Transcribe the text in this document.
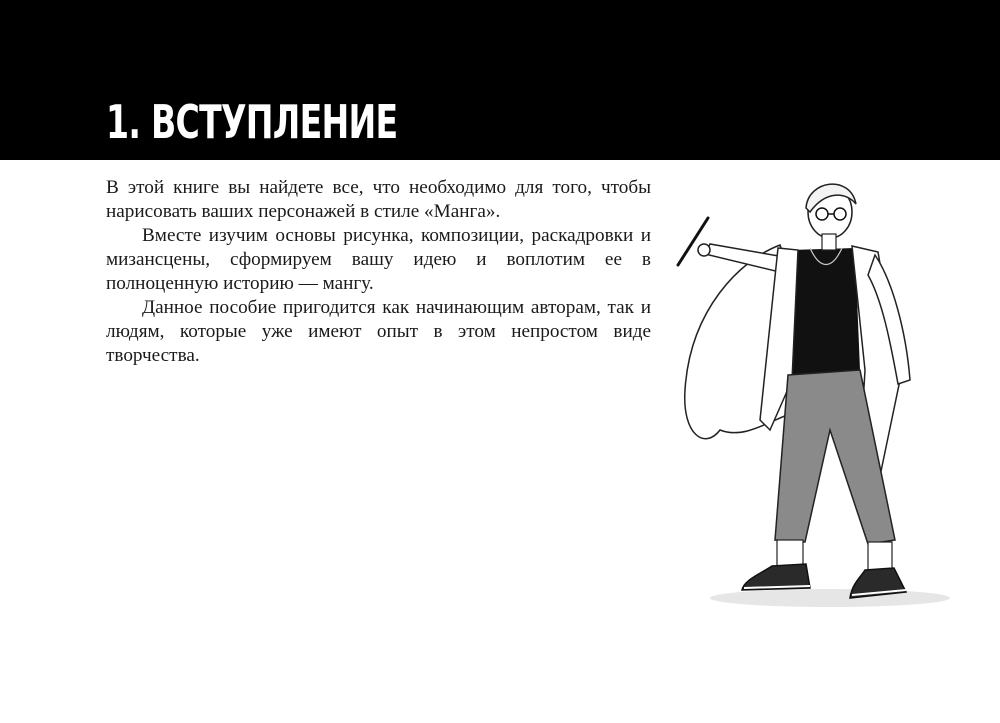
1. ВСТУПЛЕНИЕ

В этой книге вы найдете все, что необходимо для того, чтобы нарисовать ваших персонажей в стиле «Манга».

Вместе изучим основы рисунка, композиции, раскадровки и мизансцены, сформируем вашу идею и воплотим ее в полноценную историю — мангу.

Данное пособие пригодится как начинающим авторам, так и людям, которые уже имеют опыт в этом непростом виде творчества.
